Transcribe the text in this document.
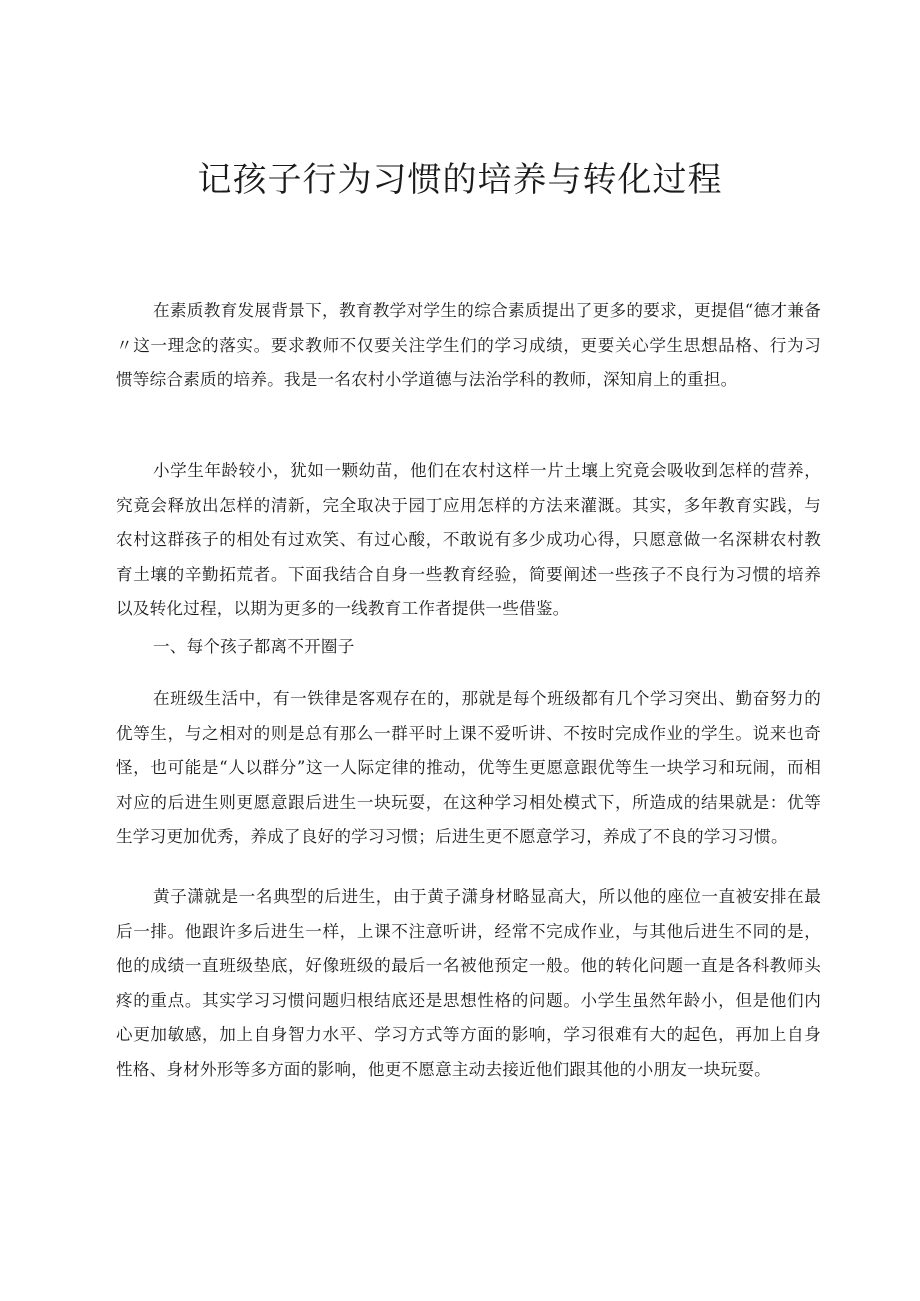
记孩子行为习惯的培养与转化过程

在素质教育发展背景下，教育教学对学生的综合素质提出了更多的要求，更提倡“德才兼备〃这一理念的落实。要求教师不仅要关注学生们的学习成绩，更要关心学生思想品格、行为习惯等综合素质的培养。我是一名农村小学道德与法治学科的教师，深知肩上的重担。

小学生年龄较小，犹如一颗幼苗，他们在农村这样一片土壤上究竟会吸收到怎样的营养，究竟会释放出怎样的清新，完全取决于园丁应用怎样的方法来灌溉。其实，多年教育实践，与农村这群孩子的相处有过欢笑、有过心酸，不敢说有多少成功心得，只愿意做一名深耕农村教育土壤的辛勤拓荒者。下面我结合自身一些教育经验，简要阐述一些孩子不良行为习惯的培养以及转化过程，以期为更多的一线教育工作者提供一些借鉴。

一、每个孩子都离不开圈子

在班级生活中，有一铁律是客观存在的，那就是每个班级都有几个学习突出、勤奋努力的优等生，与之相对的则是总有那么一群平时上课不爱听讲、不按时完成作业的学生。说来也奇怪，也可能是“人以群分”这一人际定律的推动，优等生更愿意跟优等生一块学习和玩闹，而相对应的后进生则更愿意跟后进生一块玩耍，在这种学习相处模式下，所造成的结果就是：优等生学习更加优秀，养成了良好的学习习惯；后进生更不愿意学习，养成了不良的学习习惯。

黄子潇就是一名典型的后进生，由于黄子潇身材略显高大，所以他的座位一直被安排在最后一排。他跟许多后进生一样，上课不注意听讲，经常不完成作业，与其他后进生不同的是，他的成绩一直班级垫底，好像班级的最后一名被他预定一般。他的转化问题一直是各科教师头疼的重点。其实学习习惯问题归根结底还是思想性格的问题。小学生虽然年龄小，但是他们内心更加敏感，加上自身智力水平、学习方式等方面的影响，学习很难有大的起色，再加上自身性格、身材外形等多方面的影响，他更不愿意主动去接近他们跟其他的小朋友一块玩耍。
